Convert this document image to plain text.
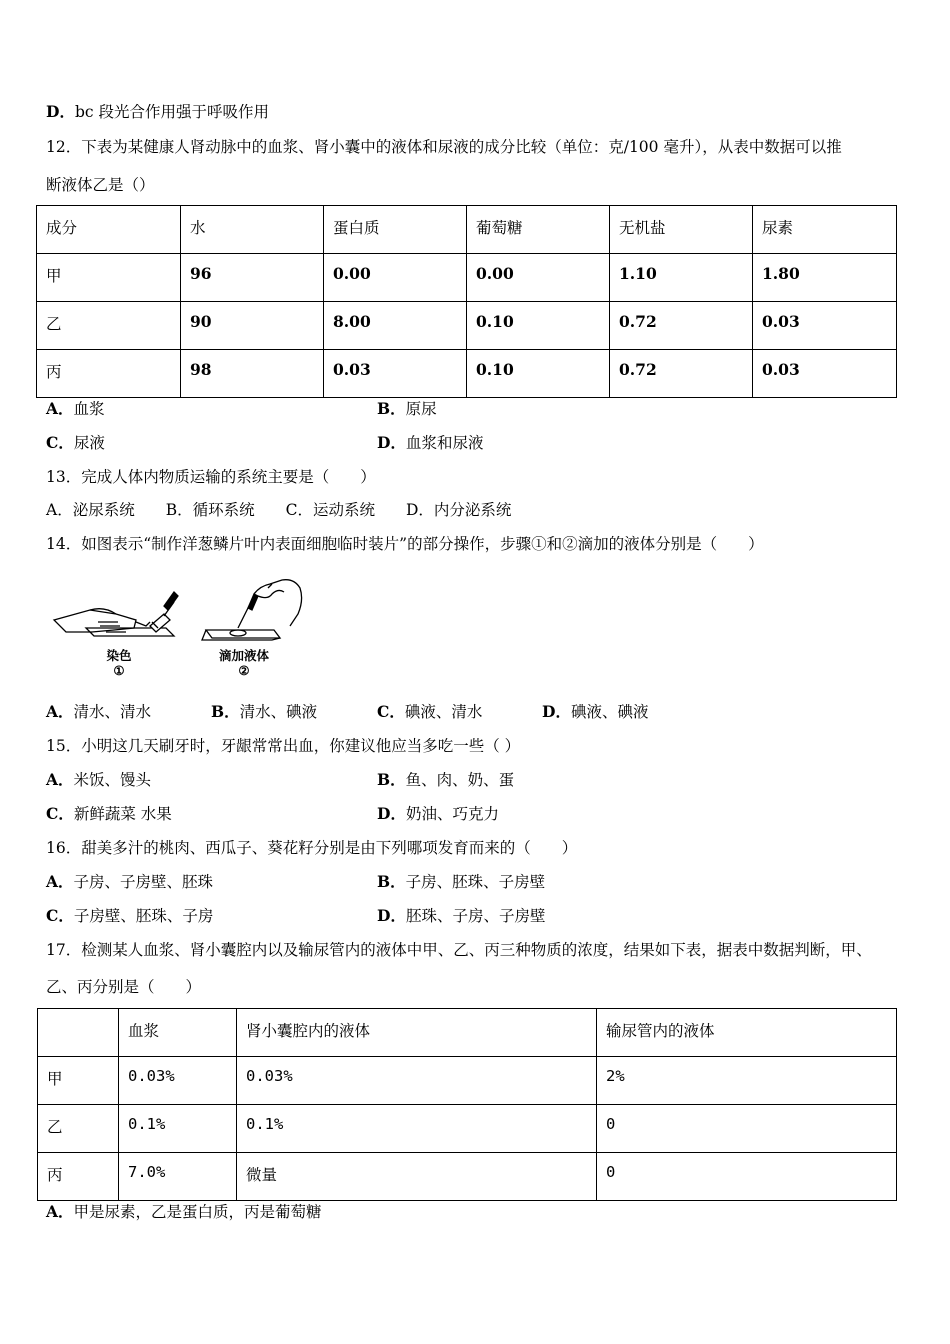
D．bc 段光合作用强于呼吸作用
12．下表为某健康人肾动脉中的血浆、肾小囊中的液体和尿液的成分比较（单位：克/100 毫升），从表中数据可以推
断液体乙是（）
成分	水	蛋白质	葡萄糖	无机盐	尿素
甲	96	0.00	0.00	1.10	1.80
乙	90	8.00	0.10	0.72	0.03
丙	98	0.03	0.10	0.72	0.03
A．血浆	B．原尿
C．尿液	D．血浆和尿液
13．完成人体内物质运输的系统主要是（　　）
A．泌尿系统　　B．循环系统　　C．运动系统　　D．内分泌系统
14．如图表示“制作洋葱鳞片叶内表面细胞临时装片”的部分操作，步骤①和②滴加的液体分别是（　　）
染色
①
滴加液体
②
A．清水、清水	B．清水、碘液	C．碘液、清水	D．碘液、碘液
15．小明这几天刷牙时，牙龈常常出血，你建议他应当多吃一些（ ）
A．米饭、馒头	B．鱼、肉、奶、蛋
C．新鲜蔬菜 水果	D．奶油、巧克力
16．甜美多汁的桃肉、西瓜子、葵花籽分别是由下列哪项发育而来的（　　）
A．子房、子房壁、胚珠	B．子房、胚珠、子房壁
C．子房壁、胚珠、子房	D．胚珠、子房、子房壁
17．检测某人血浆、肾小囊腔内以及输尿管内的液体中甲、乙、丙三种物质的浓度，结果如下表，据表中数据判断，甲、
乙、丙分别是（　　）
	血浆	肾小囊腔内的液体	输尿管内的液体
甲	0.03%	0.03%	2%
乙	0.1%	0.1%	0
丙	7.0%	微量	0
A．甲是尿素，乙是蛋白质，丙是葡萄糖
